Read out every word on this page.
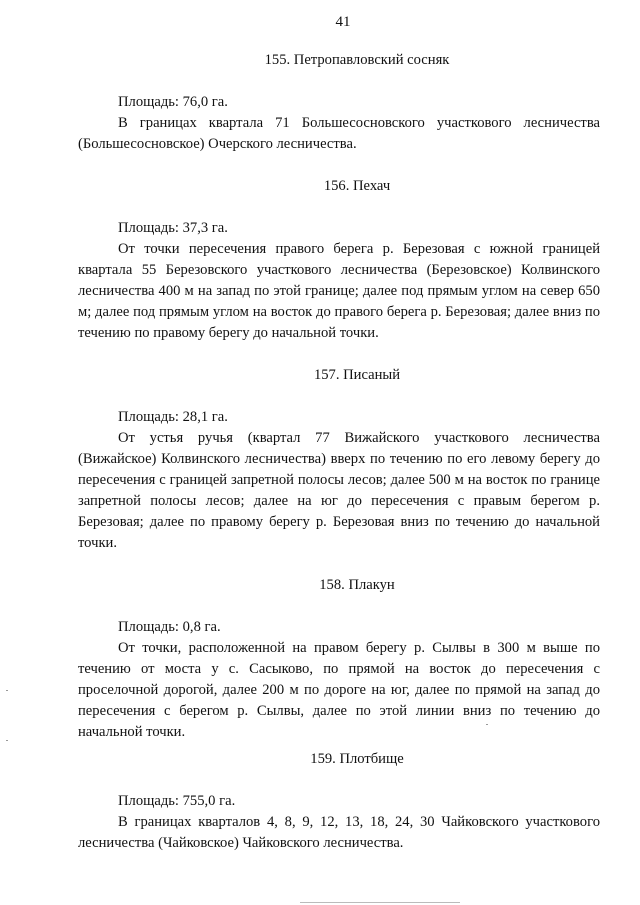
41
155. Петропавловский сосняк

Площадь: 76,0 га.

В границах квартала 71 Большесосновского участкового лесничества (Большесосновское) Очерского лесничества.

156. Пехач

Площадь: 37,3 га.

От точки пересечения правого берега р. Березовая с южной границей квартала 55 Березовского участкового лесничества (Березовское) Колвинского лесничества 400 м на запад по этой границе; далее под прямым углом на север 650 м; далее под прямым углом на восток до правого берега р. Березовая; далее вниз по течению по правому берегу до начальной точки.

157. Писаный

Площадь: 28,1 га.

От устья ручья (квартал 77 Вижайского участкового лесничества (Вижайское) Колвинского лесничества) вверх по течению по его левому берегу до пересечения с границей запретной полосы лесов; далее 500 м на восток по границе запретной полосы лесов; далее на юг до пересечения с правым берегом р. Березовая; далее по правому берегу р. Березовая вниз по течению до начальной точки.

158. Плакун

Площадь: 0,8 га.

От точки, расположенной на правом берегу р. Сылвы в 300 м выше по течению от моста у с. Сасыково, по прямой на восток до пересечения с проселочной дорогой, далее 200 м по дороге на юг, далее по прямой на запад до пересечения с берегом р. Сылвы, далее по этой линии вниз по течению до начальной точки.

159. Плотбище

Площадь: 755,0 га.

В границах кварталов 4, 8, 9, 12, 13, 18, 24, 30 Чайковского участкового лесничества (Чайковское) Чайковского лесничества.
